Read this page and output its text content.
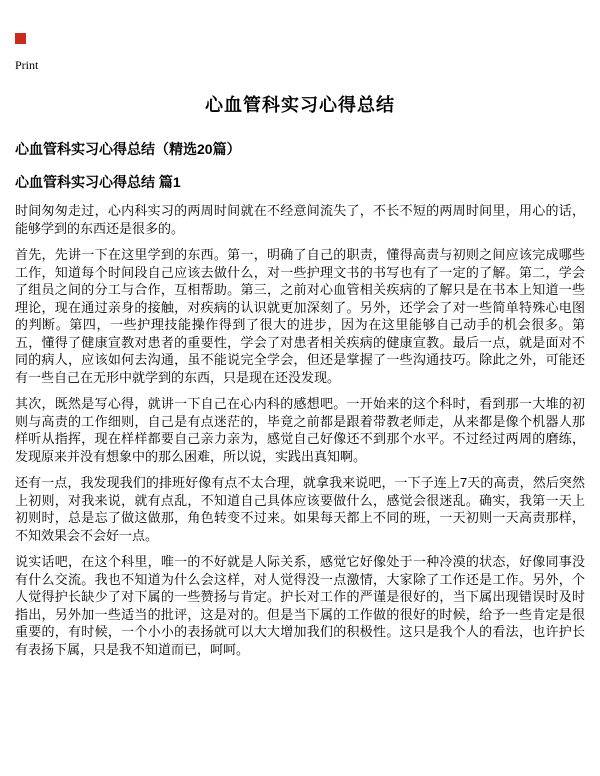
Print
心血管科实习心得总结
心血管科实习心得总结（精选20篇）
心血管科实习心得总结 篇1

时间匆匆走过，心内科实习的两周时间就在不经意间流失了，不长不短的两周时间里，用心的话，能够学到的东西还是很多的。

首先，先讲一下在这里学到的东西。第一，明确了自己的职责，懂得高责与初则之间应该完成哪些工作，知道每个时间段自己应该去做什么，对一些护理文书的书写也有了一定的了解。第二，学会了组员之间的分工与合作，互相帮助。第三，之前对心血管相关疾病的了解只是在书本上知道一些理论，现在通过亲身的接触，对疾病的认识就更加深刻了。另外，还学会了对一些简单特殊心电图的判断。第四，一些护理技能操作得到了很大的进步，因为在这里能够自己动手的机会很多。第五，懂得了健康宣教对患者的重要性，学会了对患者相关疾病的健康宣教。最后一点，就是面对不同的病人，应该如何去沟通，虽不能说完全学会，但还是掌握了一些沟通技巧。除此之外，可能还有一些自己在无形中就学到的东西，只是现在还没发现。

其次，既然是写心得，就讲一下自己在心内科的感想吧。一开始来的这个科时，看到那一大堆的初则与高责的工作细则，自己是有点迷茫的，毕竟之前都是跟着带教老师走，从来都是像个机器人那样听从指挥，现在样样都要自己亲力亲为，感觉自己好像还不到那个水平。不过经过两周的磨练，发现原来并没有想象中的那么困难，所以说，实践出真知啊。

还有一点，我发现我们的排班好像有点不太合理，就拿我来说吧，一下子连上7天的高责，然后突然上初则，对我来说，就有点乱，不知道自己具体应该要做什么，感觉会很迷乱。确实，我第一天上初则时，总是忘了做这做那，角色转变不过来。如果每天都上不同的班，一天初则一天高责那样，不知效果会不会好一点。

说实话吧，在这个科里，唯一的不好就是人际关系，感觉它好像处于一种冷漠的状态，好像同事没有什么交流。我也不知道为什么会这样，对人觉得没一点激情，大家除了工作还是工作。另外，个人觉得护长缺少了对下属的一些赞扬与肯定。护长对工作的严谨是很好的，当下属出现错误时及时指出，另外加一些适当的批评，这是对的。但是当下属的工作做的很好的时候，给予一些肯定是很重要的，有时候，一个小小的表扬就可以大大增加我们的积极性。这只是我个人的看法，也许护长有表扬下属，只是我不知道而已，呵呵。
